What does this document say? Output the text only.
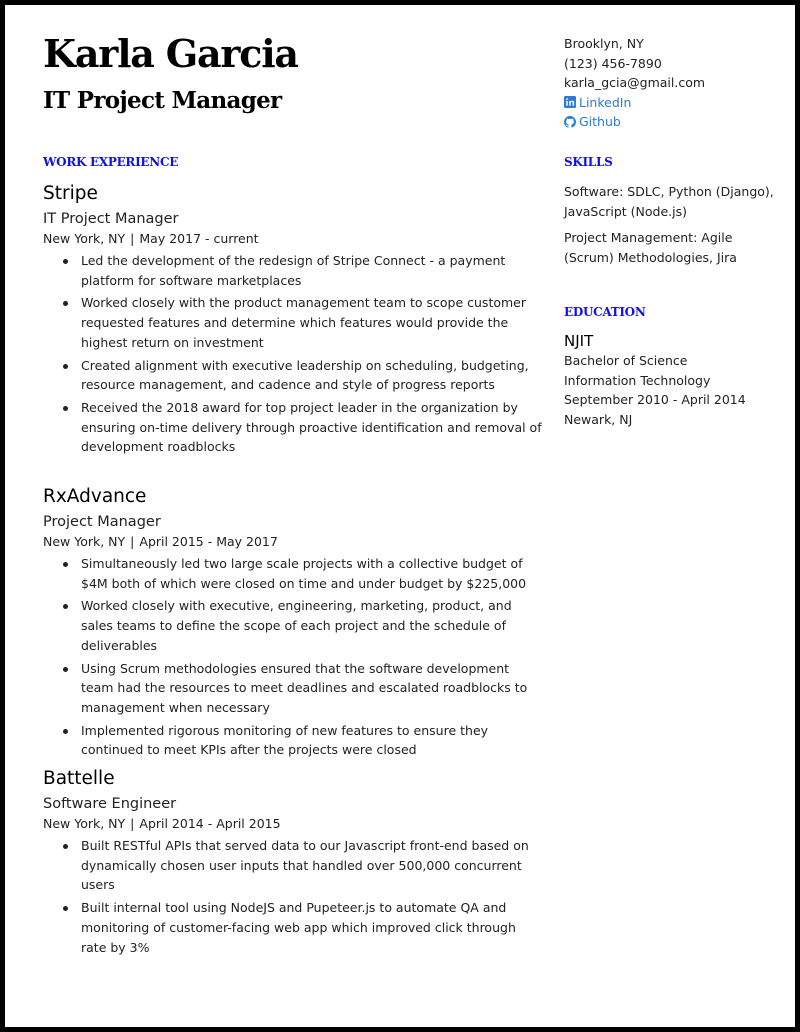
Karla Garcia
IT Project Manager
WORK EXPERIENCE
Stripe
IT Project Manager
New York, NY | May 2017 - current
Led the development of the redesign of Stripe Connect - a payment platform for software marketplaces
Worked closely with the product management team to scope customer requested features and determine which features would provide the highest return on investment
Created alignment with executive leadership on scheduling, budgeting, resource management, and cadence and style of progress reports
Received the 2018 award for top project leader in the organization by ensuring on-time delivery through proactive identification and removal of development roadblocks
RxAdvance
Project Manager
New York, NY | April 2015 - May 2017
Simultaneously led two large scale projects with a collective budget of $4M both of which were closed on time and under budget by $225,000
Worked closely with executive, engineering, marketing, product, and sales teams to define the scope of each project and the schedule of deliverables
Using Scrum methodologies ensured that the software development team had the resources to meet deadlines and escalated roadblocks to management when necessary
Implemented rigorous monitoring of new features to ensure they continued to meet KPIs after the projects were closed
Battelle
Software Engineer
New York, NY | April 2014 - April 2015
Built RESTful APIs that served data to our Javascript front-end based on dynamically chosen user inputs that handled over 500,000 concurrent users
Built internal tool using NodeJS and Pupeteer.js to automate QA and monitoring of customer-facing web app which improved click through rate by 3%
Brooklyn, NY
(123) 456-7890
karla_gcia@gmail.com
LinkedIn
Github
SKILLS
Software: SDLC, Python (Django), JavaScript (Node.js)
Project Management: Agile (Scrum) Methodologies, Jira
EDUCATION
NJIT
Bachelor of Science
Information Technology
September 2010 - April 2014
Newark, NJ
